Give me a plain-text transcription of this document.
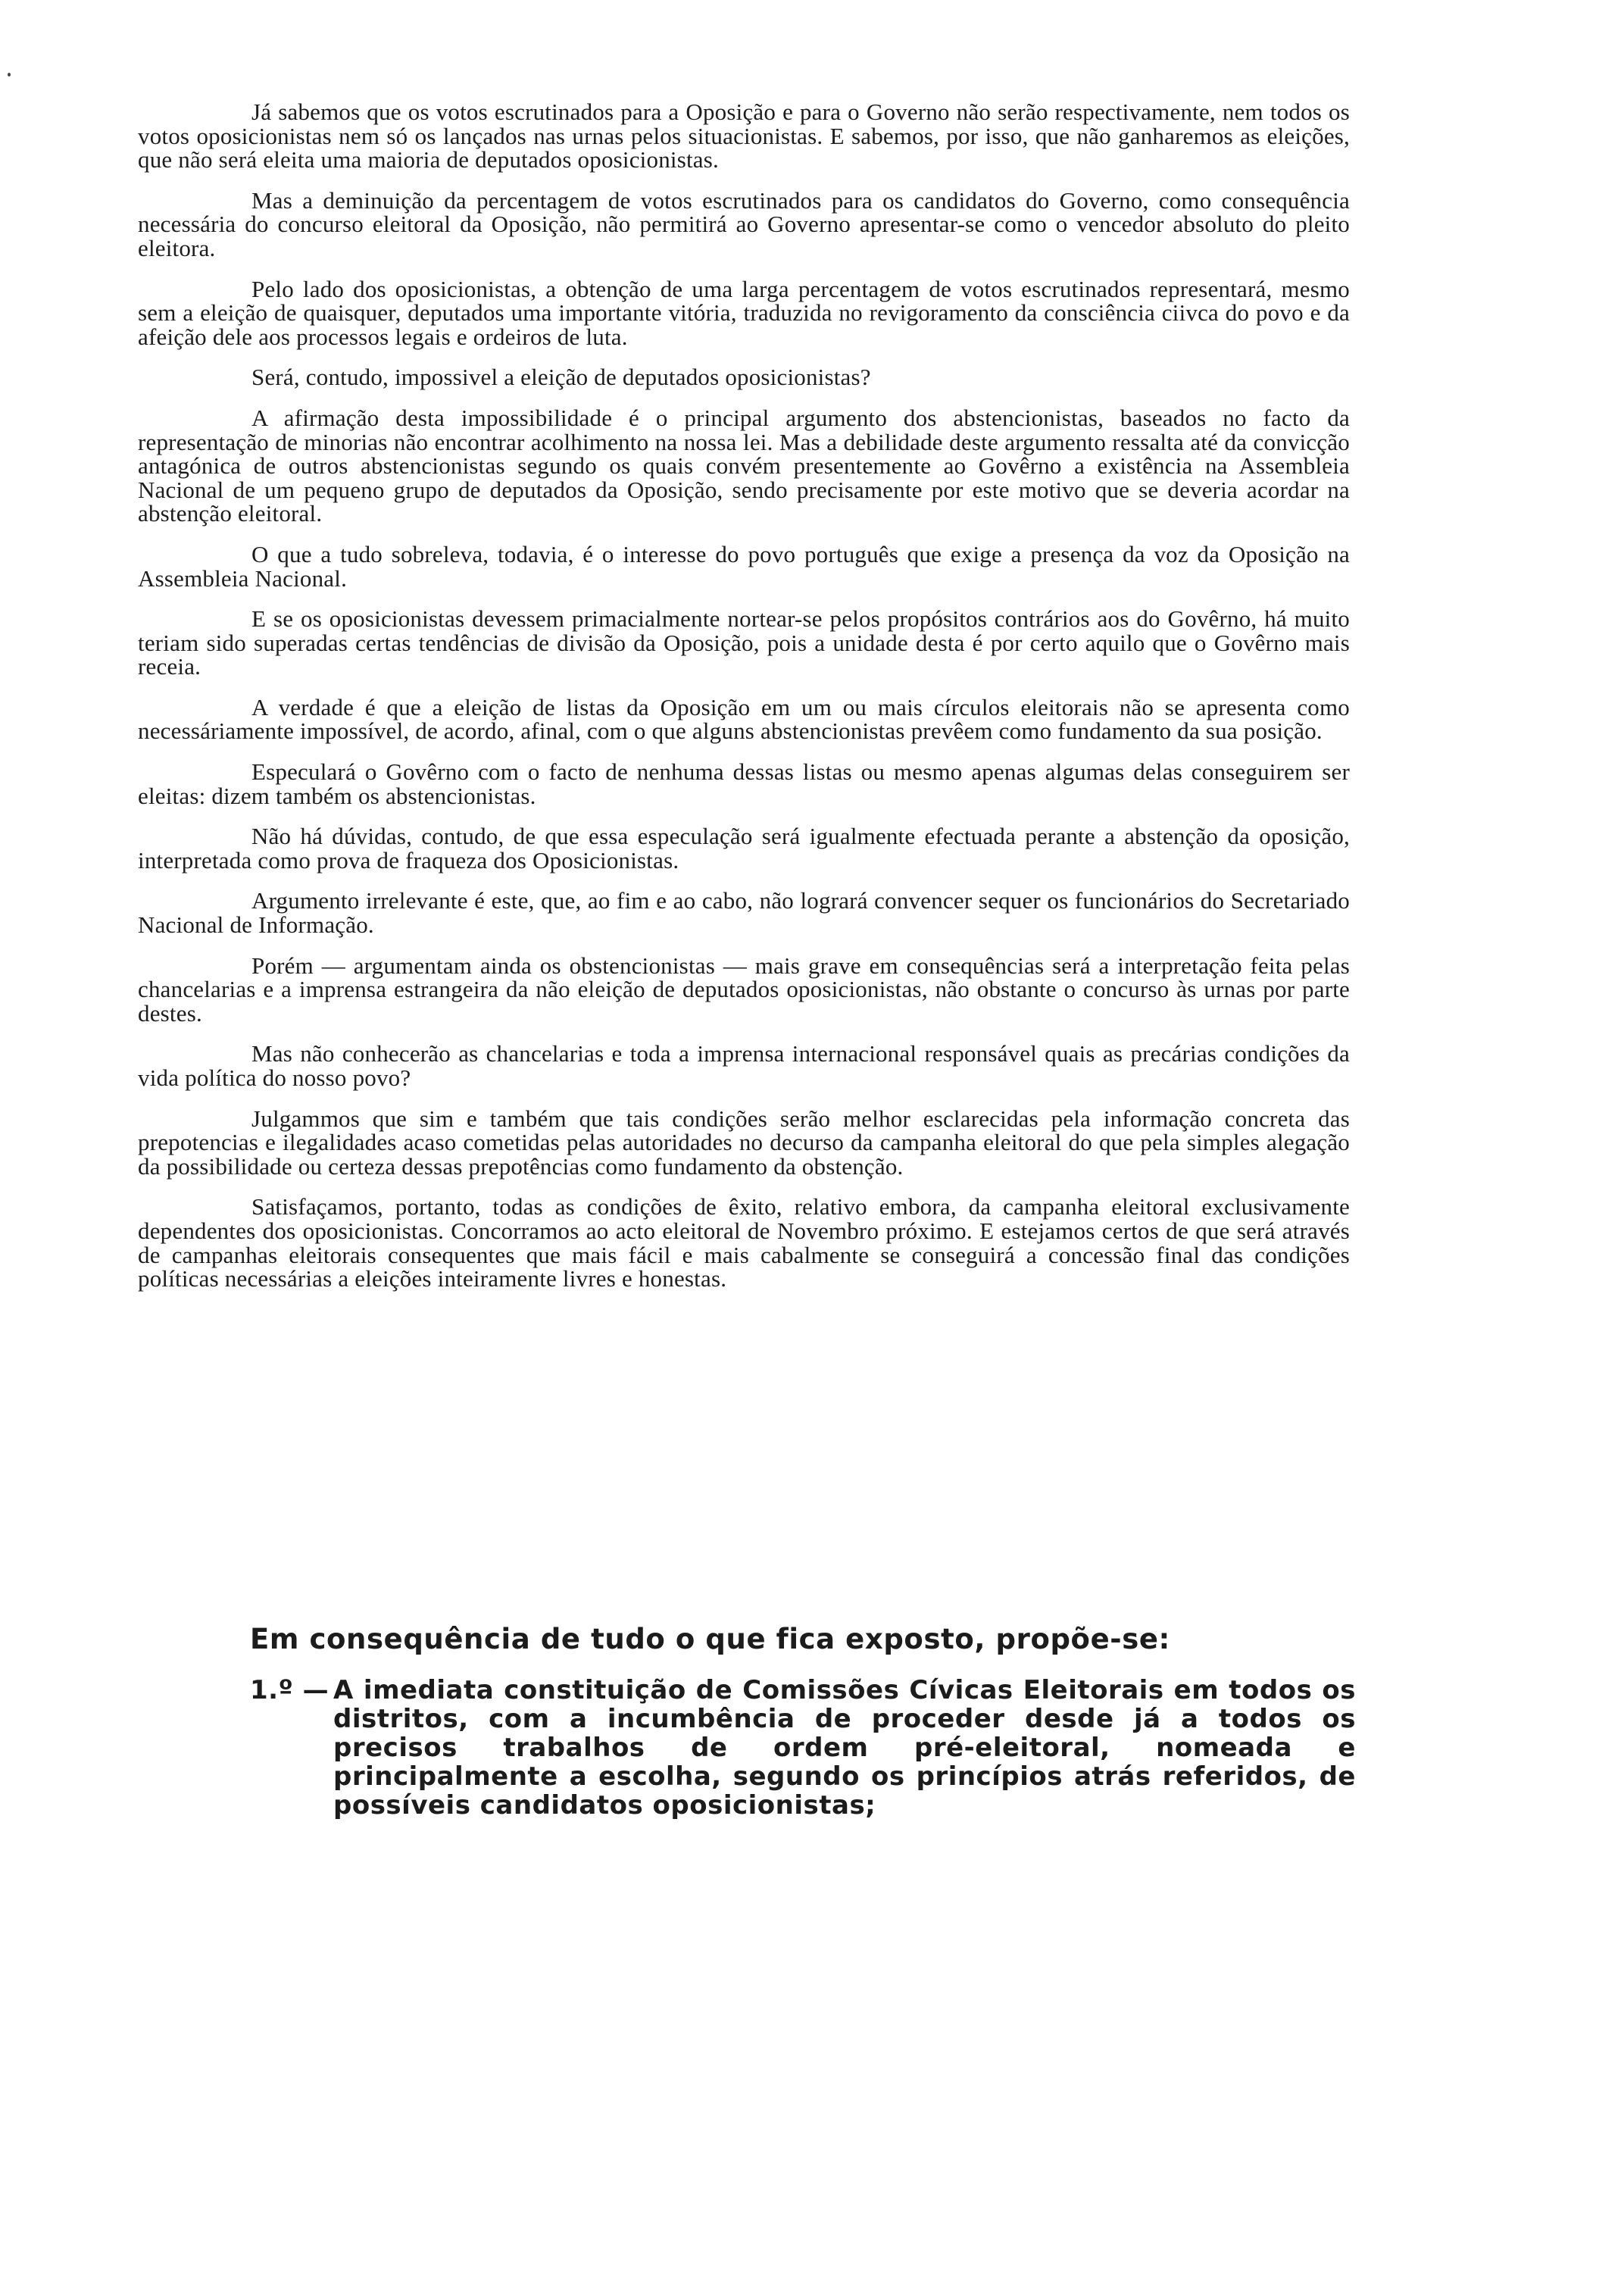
Já sabemos que os votos escrutinados para a Oposição e para o Governo não serão respectivamente, nem todos os votos oposicionistas nem só os lançados nas urnas pelos situacionistas. E sabemos, por isso, que não ganharemos as eleições, que não será eleita uma maioria de deputados oposicionistas.

Mas a deminuição da percentagem de votos escrutinados para os candidatos do Governo, como consequência necessária do concurso eleitoral da Oposição, não permitirá ao Governo apresentar-se como o vencedor absoluto do pleito eleitora.

Pelo lado dos oposicionistas, a obtenção de uma larga percentagem de votos escrutinados representará, mesmo sem a eleição de quaisquer, deputados uma importante vitória, traduzida no revigoramento da consciência ciivca do povo e da afeição dele aos processos legais e ordeiros de luta.

Será, contudo, impossivel a eleição de deputados oposicionistas?

A afirmação desta impossibilidade é o principal argumento dos abstencionistas, baseados no facto da representação de minorias não encontrar acolhimento na nossa lei. Mas a debilidade deste argumento ressalta até da convicção antagónica de outros abstencionistas segundo os quais convém presentemente ao Govêrno a existência na Assembleia Nacional de um pequeno grupo de deputados da Oposição, sendo precisamente por este motivo que se deveria acordar na abstenção eleitoral.

O que a tudo sobreleva, todavia, é o interesse do povo português que exige a presença da voz da Oposição na Assembleia Nacional.

E se os oposicionistas devessem primacialmente nortear-se pelos propósitos contrários aos do Govêrno, há muito teriam sido superadas certas tendências de divisão da Oposição, pois a unidade desta é por certo aquilo que o Govêrno mais receia.

A verdade é que a eleição de listas da Oposição em um ou mais círculos eleitorais não se apresenta como necessáriamente impossível, de acordo, afinal, com o que alguns abstencionistas prevêem como fundamento da sua posição.

Especulará o Govêrno com o facto de nenhuma dessas listas ou mesmo apenas algumas delas conseguirem ser eleitas: dizem também os abstencionistas.

Não há dúvidas, contudo, de que essa especulação será igualmente efectuada perante a abstenção da oposição, interpretada como prova de fraqueza dos Oposicionistas.

Argumento irrelevante é este, que, ao fim e ao cabo, não logrará convencer sequer os funcionários do Secretariado Nacional de Informação.

Porém — argumentam ainda os obstencionistas — mais grave em consequências será a interpretação feita pelas chancelarias e a imprensa estrangeira da não eleição de deputados oposicionistas, não obstante o concurso às urnas por parte destes.

Mas não conhecerão as chancelarias e toda a imprensa internacional responsável quais as precárias condições da vida política do nosso povo?

Julgammos que sim e também que tais condições serão melhor esclarecidas pela informação concreta das prepotencias e ilegalidades acaso cometidas pelas autoridades no decurso da campanha eleitoral do que pela simples alegação da possibilidade ou certeza dessas prepotências como fundamento da obstenção.

Satisfaçamos, portanto, todas as condições de êxito, relativo embora, da campanha eleitoral exclusivamente dependentes dos oposicionistas. Concorramos ao acto eleitoral de Novembro próximo. E estejamos certos de que será através de campanhas eleitorais consequentes que mais fácil e mais cabalmente se conseguirá a concessão final das condições políticas necessárias a eleições inteiramente livres e honestas.

Em consequência de tudo o que fica exposto, propõe-se:
1.º — A imediata constituição de Comissões Cívicas Eleitorais em todos os distritos, com a incumbência de proceder desde já a todos os precisos trabalhos de ordem pré-eleitoral, nomeada e principalmente a escolha, segundo os princípios atrás referidos, de possíveis candidatos oposicionistas;
